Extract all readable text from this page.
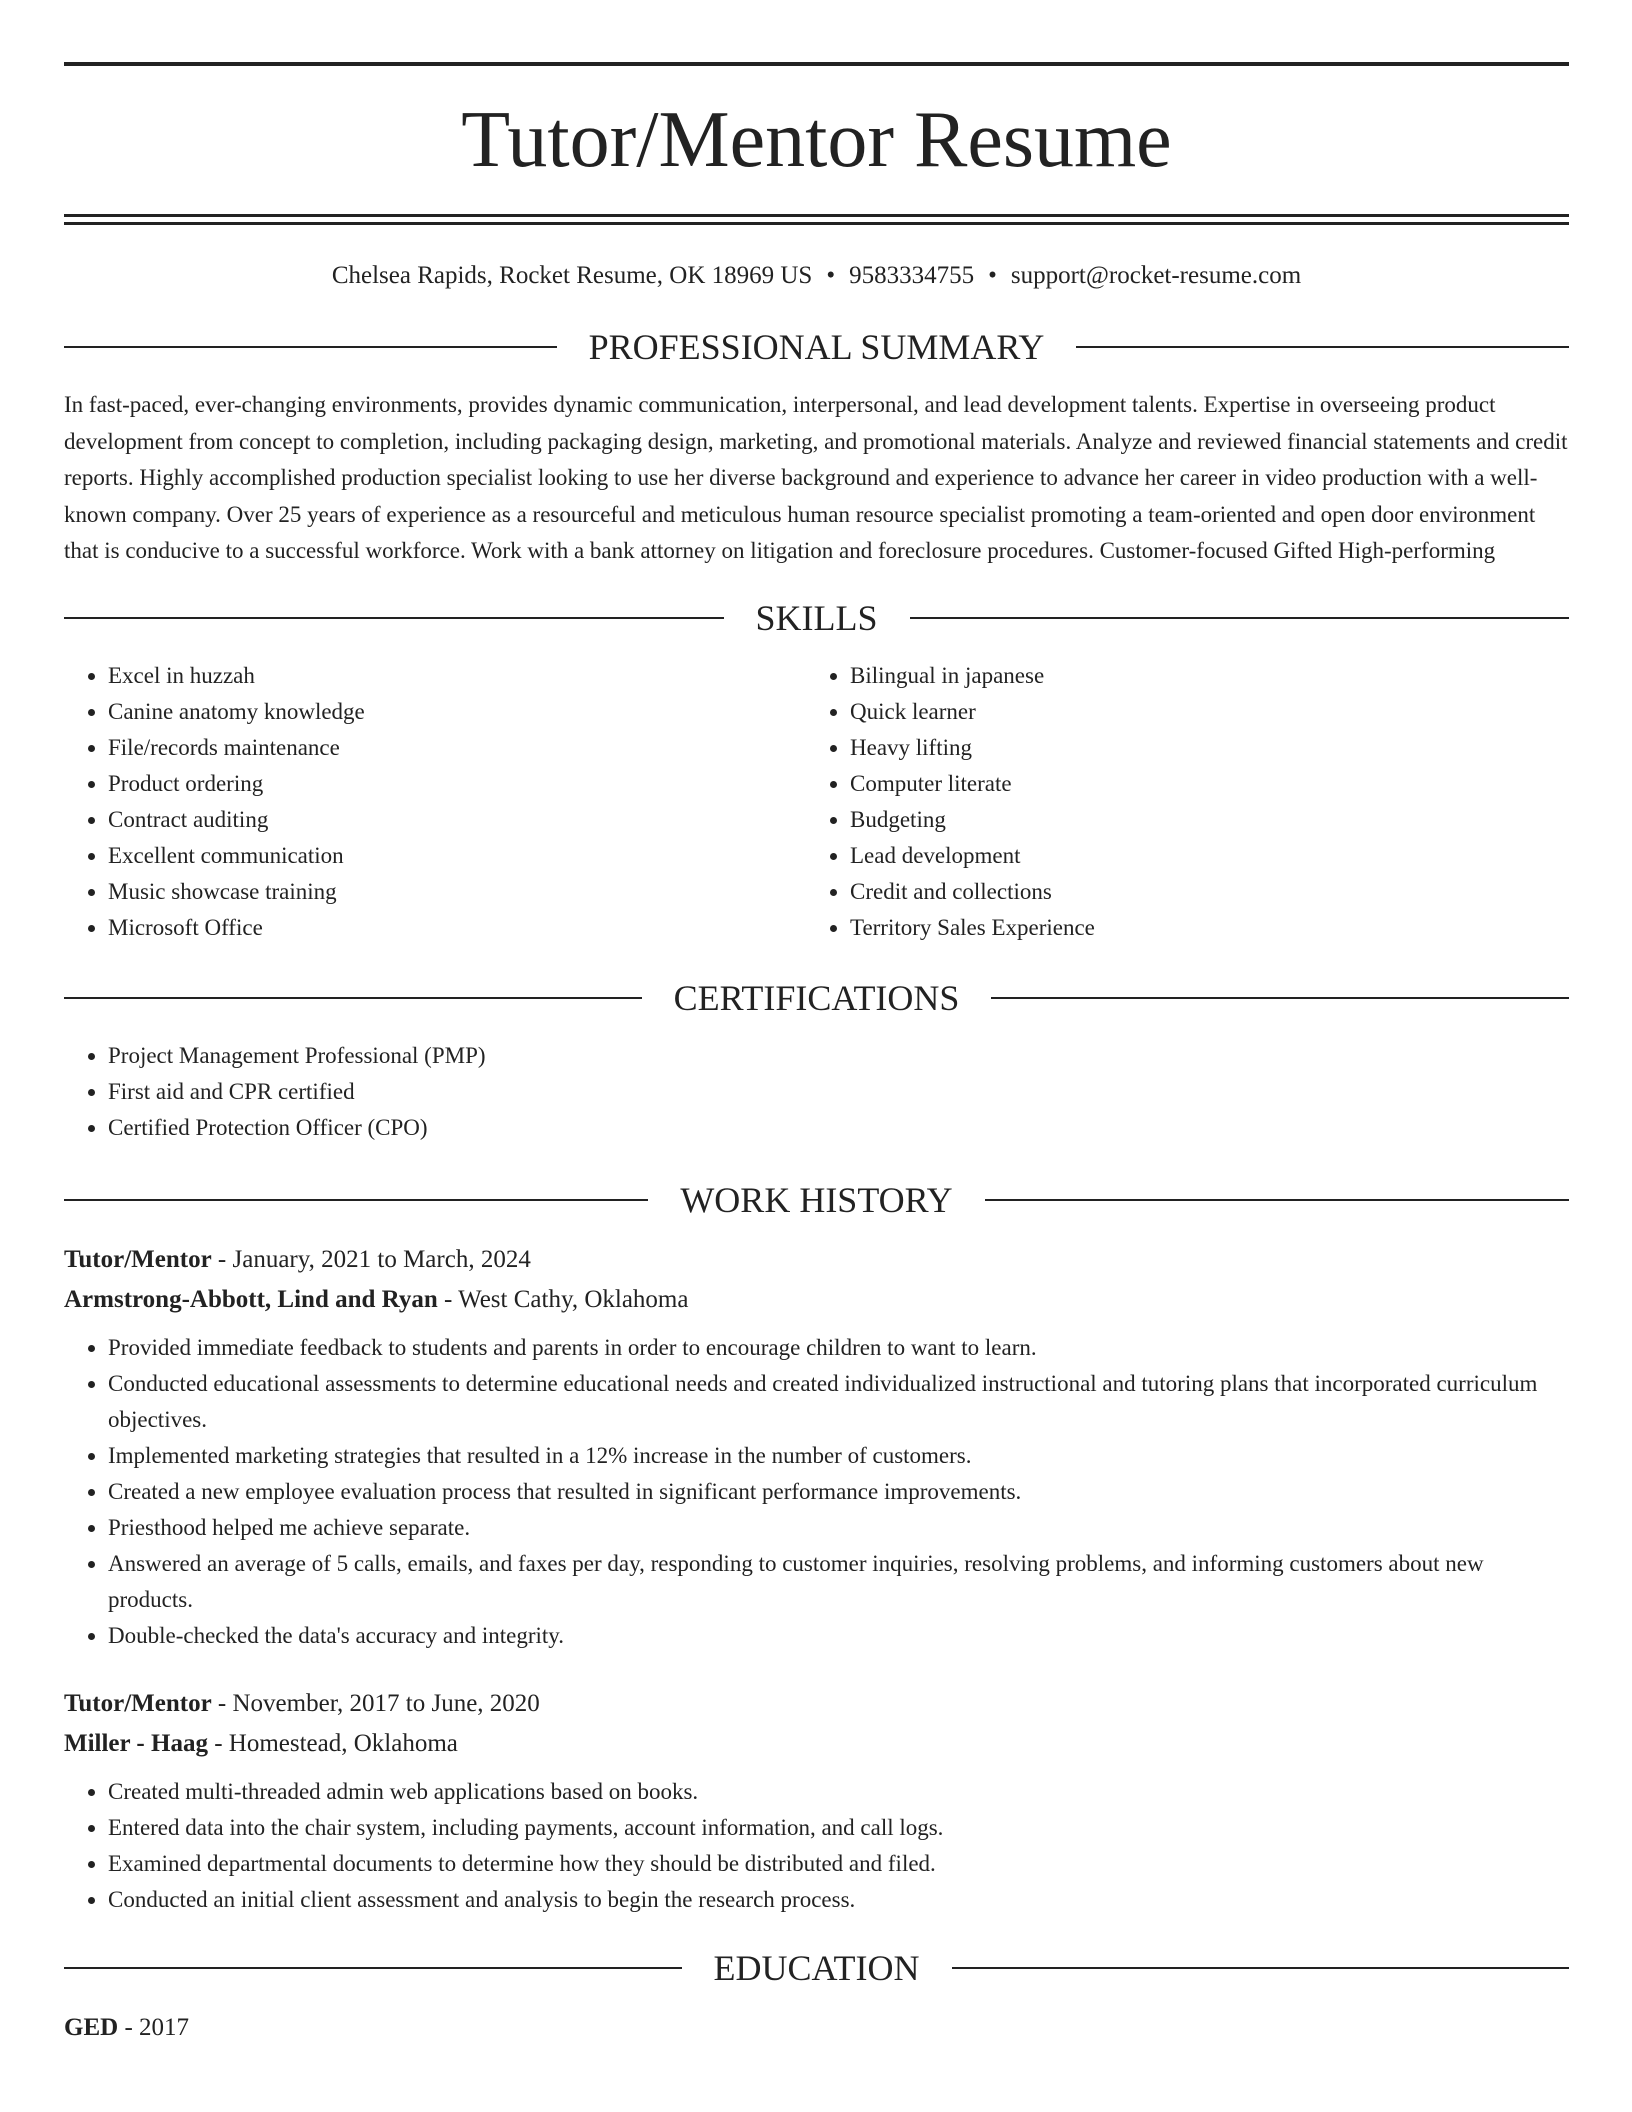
Tutor/Mentor Resume
Chelsea Rapids, Rocket Resume, OK 18969 US • 9583334755 • support@rocket-resume.com
PROFESSIONAL SUMMARY

In fast-paced, ever-changing environments, provides dynamic communication, interpersonal, and lead development talents. Expertise in overseeing product development from concept to completion, including packaging design, marketing, and promotional materials. Analyze and reviewed financial statements and credit reports. Highly accomplished production specialist looking to use her diverse background and experience to advance her career in video production with a well-known company. Over 25 years of experience as a resourceful and meticulous human resource specialist promoting a team-oriented and open door environment that is conducive to a successful workforce. Work with a bank attorney on litigation and foreclosure procedures. Customer-focused Gifted High-performing

SKILLS
• Excel in huzzah
• Canine anatomy knowledge
• File/records maintenance
• Product ordering
• Contract auditing
• Excellent communication
• Music showcase training
• Microsoft Office
• Bilingual in japanese
• Quick learner
• Heavy lifting
• Computer literate
• Budgeting
• Lead development
• Credit and collections
• Territory Sales Experience
CERTIFICATIONS
• Project Management Professional (PMP)
• First aid and CPR certified
• Certified Protection Officer (CPO)
WORK HISTORY
Tutor/Mentor - January, 2021 to March, 2024
Armstrong-Abbott, Lind and Ryan - West Cathy, Oklahoma
• Provided immediate feedback to students and parents in order to encourage children to want to learn.
• Conducted educational assessments to determine educational needs and created individualized instructional and tutoring plans that incorporated curriculum objectives.
• Implemented marketing strategies that resulted in a 12% increase in the number of customers.
• Created a new employee evaluation process that resulted in significant performance improvements.
• Priesthood helped me achieve separate.
• Answered an average of 5 calls, emails, and faxes per day, responding to customer inquiries, resolving problems, and informing customers about new products.
• Double-checked the data's accuracy and integrity.
Tutor/Mentor - November, 2017 to June, 2020
Miller - Haag - Homestead, Oklahoma
• Created multi-threaded admin web applications based on books.
• Entered data into the chair system, including payments, account information, and call logs.
• Examined departmental documents to determine how they should be distributed and filed.
• Conducted an initial client assessment and analysis to begin the research process.
EDUCATION
GED - 2017
